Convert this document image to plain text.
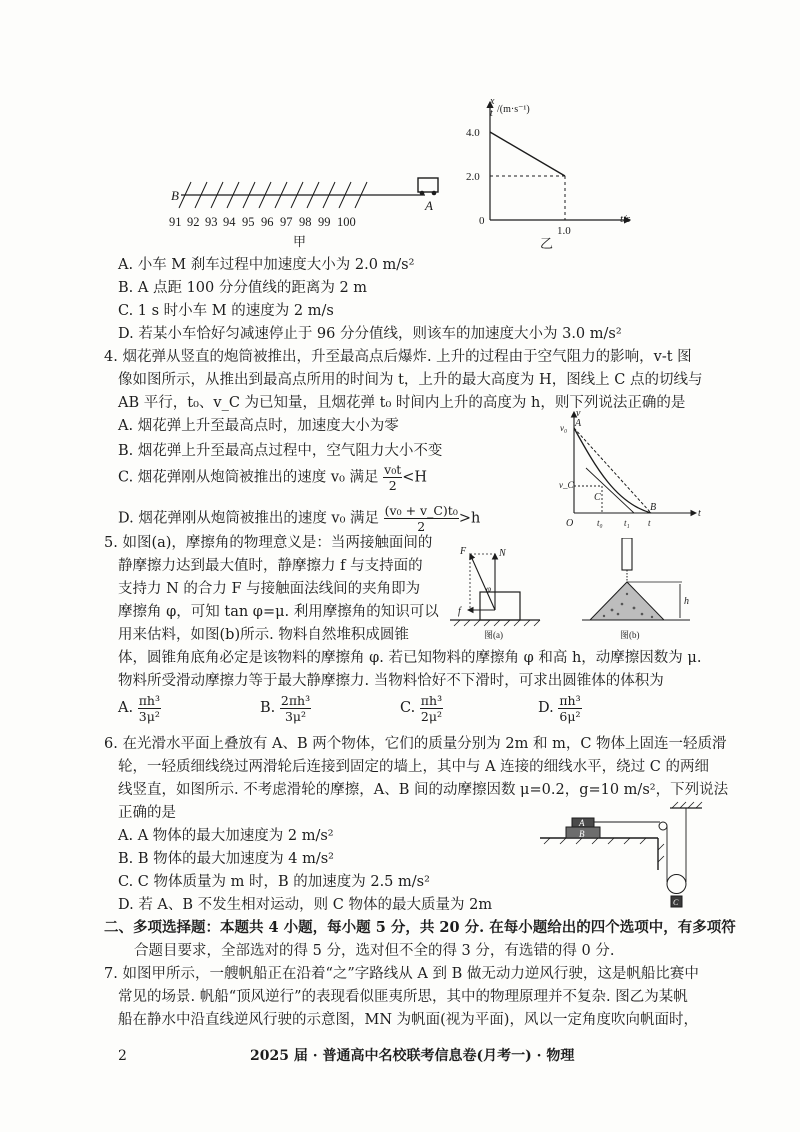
B
A
91 92 93 94 95 96 97 98 99 100
甲
x
t /(m·s⁻¹)
t/s
0
4.0
2.0
1.0
乙
A. 小车 M 刹车过程中加速度大小为 2.0 m/s²
B. A 点距 100 分分值线的距离为 2 m
C. 1 s 时小车 M 的速度为 2 m/s
D. 若某小车恰好匀减速停止于 96 分分值线，则该车的加速度大小为 3.0 m/s²
4. 烟花弹从竖直的炮筒被推出，升至最高点后爆炸. 上升的过程由于空气阻力的影响，v-t 图
像如图所示，从推出到最高点所用的时间为 t，上升的最大高度为 H，图线上 C 点的切线与
AB 平行，t₀、v_C 为已知量，且烟花弹 t₀ 时间内上升的高度为 h，则下列说法正确的是
A. 烟花弹上升至最高点时，加速度大小为零
B. 烟花弹上升至最高点过程中，空气阻力大小不变
C. 烟花弹刚从炮筒被推出的速度 v₀ 满足 $\frac{\text{v₀t}}{2} <H$
D. 烟花弹刚从炮筒被推出的速度 v₀ 满足 $\frac{\text{(v₀ + v\_C)t₀}}{2} >h$
v
t
v₀ A
v_C
C
B
O	t₀ t₁ t
5. 如图(a)，摩擦角的物理意义是：当两接触面间的
静摩擦力达到最大值时，静摩擦力 f 与支持面的
支持力 N 的合力 F 与接触面法线间的夹角即为
摩擦角 φ，可知 tan φ=μ. 利用摩擦角的知识可以
用来估料，如图(b)所示. 物料自然堆积成圆锥
体，圆锥角底角必定是该物料的摩擦角 φ. 若已知物料的摩擦角 φ 和高 h，动摩擦因数为 μ.
物料所受滑动摩擦力等于最大静摩擦力. 当物料恰好不下滑时，可求出圆锥体的体积为
F	N
f
φ
图(a)
h
图(b)
A. $\frac{\text{πh³}}{\text{3μ²}}$	B. $\frac{\text{2πh³}}{\text{3μ²}}$	C. $\frac{\text{πh³}}{\text{2μ²}}$	D. $\frac{\text{πh³}}{\text{6μ²}}$
6. 在光滑水平面上叠放有 A、B 两个物体，它们的质量分别为 2m 和 m，C 物体上固连一轻质滑
轮，一轻质细线绕过两滑轮后连接到固定的墙上，其中与 A 连接的细线水平，绕过 C 的两细
线竖直，如图所示. 不考虑滑轮的摩擦，A、B 间的动摩擦因数 μ=0.2，g=10 m/s²，下列说法
正确的是
A. A 物体的最大加速度为 2 m/s²
B. B 物体的最大加速度为 4 m/s²
C. C 物体质量为 m 时，B 的加速度为 2.5 m/s²
D. 若 A、B 不发生相对运动，则 C 物体的最大质量为 2m
A
B
C
二、多项选择题：本题共 4 小题，每小题 5 分，共 20 分. 在每小题给出的四个选项中，有多项符
合题目要求，全部选对的得 5 分，选对但不全的得 3 分，有选错的得 0 分.
7. 如图甲所示，一艘帆船正在沿着“之”字路线从 A 到 B 做无动力逆风行驶，这是帆船比赛中
常见的场景. 帆船“顶风逆行”的表现看似匪夷所思，其中的物理原理并不复杂. 图乙为某帆
船在静水中沿直线逆风行驶的示意图，MN 为帆面(视为平面)，风以一定角度吹向帆面时，
2	2025 届 · 普通高中名校联考信息卷(月考一) · 物理
